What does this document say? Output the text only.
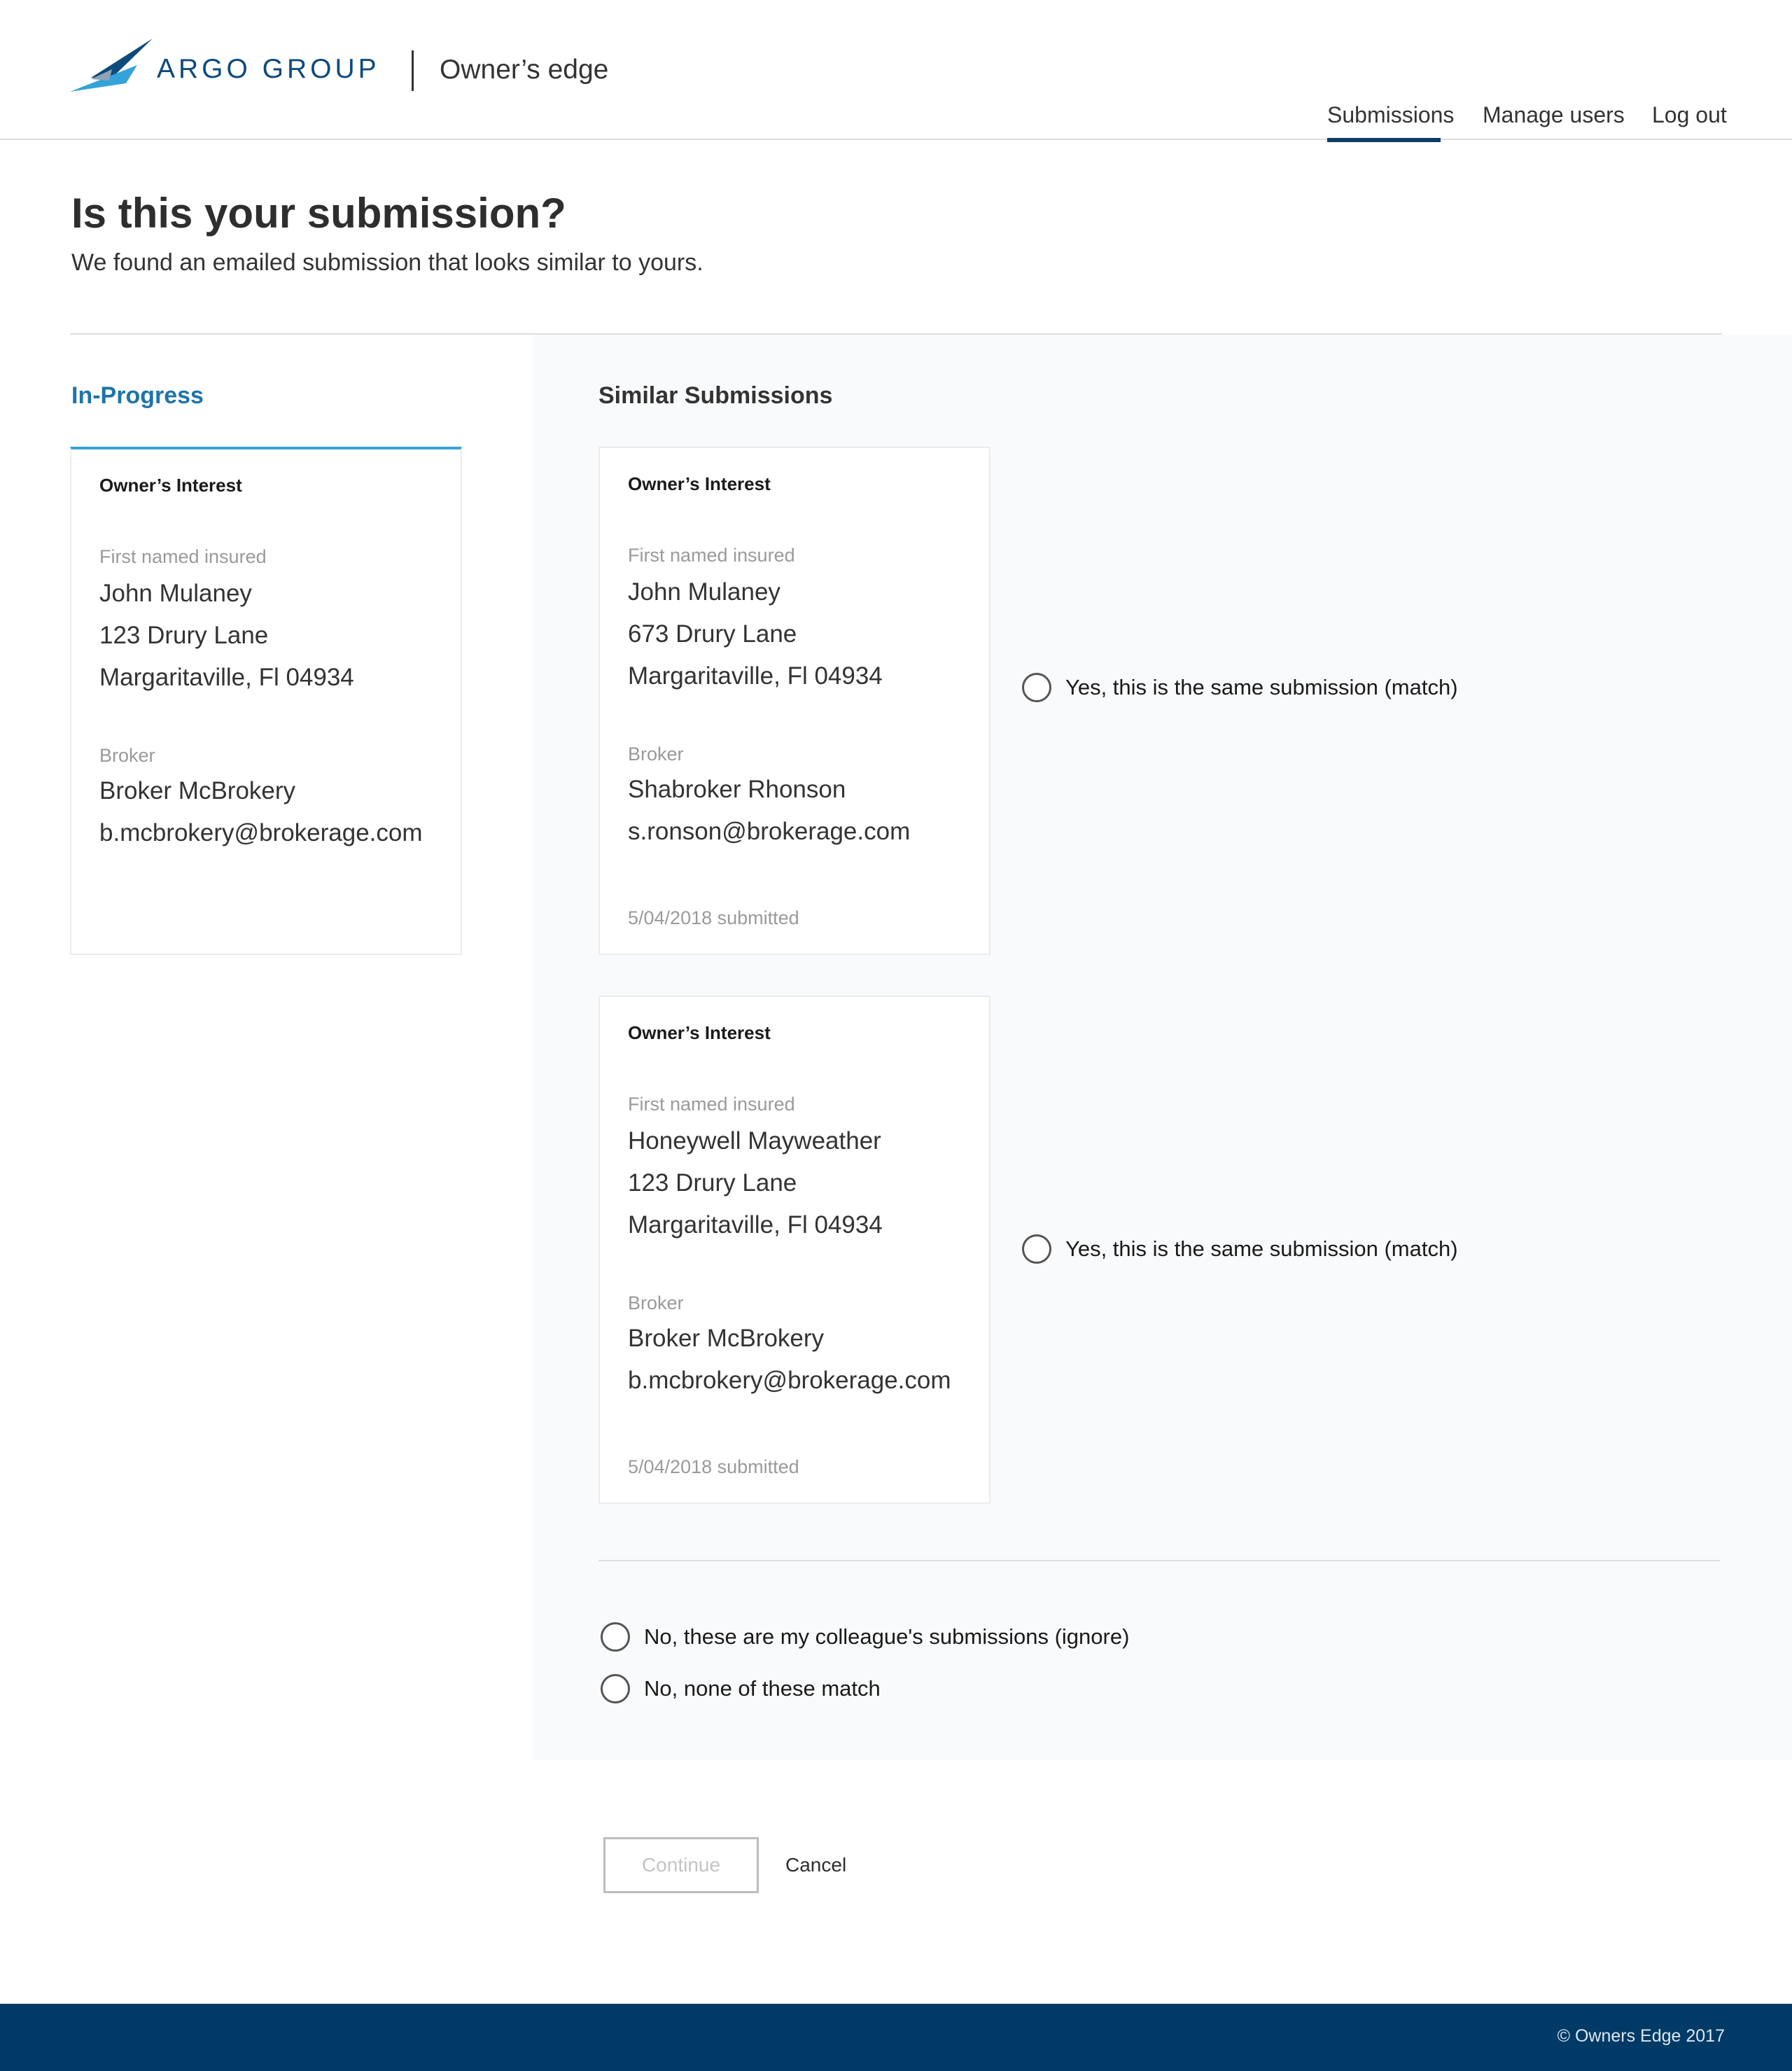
ARGO GROUP Owner’s edge
Submissions Manage users Log out
Is this your submission?

We found an emailed submission that looks similar to yours.

In-Progress	Similar Submissions
Owner’s Interest
First named insured
John Mulaney
123 Drury Lane
Margaritaville, Fl 04934
Broker
Broker McBrokery
b.mcbrokery@brokerage.com
Owner’s Interest
First named insured
John Mulaney
673 Drury Lane
Margaritaville, Fl 04934
Broker
Shabroker Rhonson
s.ronson@brokerage.com
5/04/2018 submitted
Yes, this is the same submission (match)
Owner’s Interest
First named insured
Honeywell Mayweather
123 Drury Lane
Margaritaville, Fl 04934
Broker
Broker McBrokery
b.mcbrokery@brokerage.com
5/04/2018 submitted
Yes, this is the same submission (match)
No, these are my colleague's submissions (ignore)
No, none of these match
Continue	Cancel
© Owners Edge 2017
